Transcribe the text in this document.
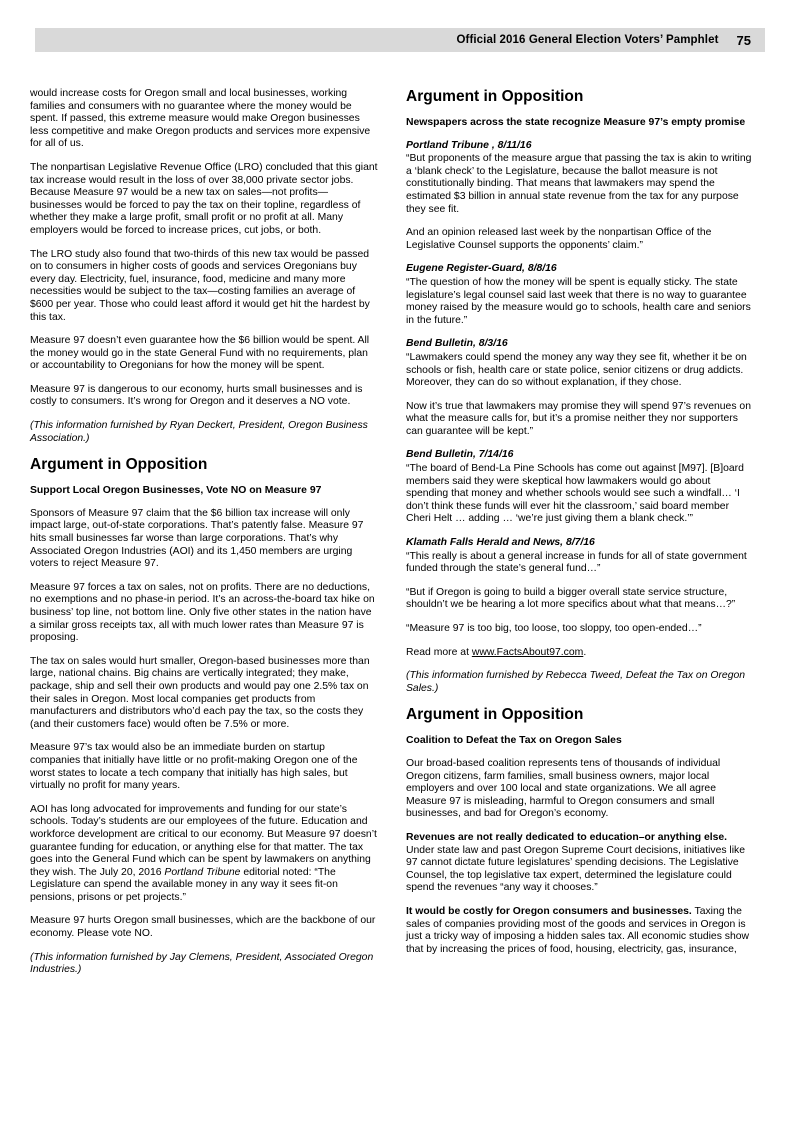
Official 2016 General Election Voters’ Pamphlet 75

would increase costs for Oregon small and local businesses, working families and consumers with no guarantee where the money would be spent. If passed, this extreme measure would make Oregon businesses less competitive and make Oregon products and services more expensive for all of us.

The nonpartisan Legislative Revenue Office (LRO) concluded that this giant tax increase would result in the loss of over 38,000 private sector jobs. Because Measure 97 would be a new tax on sales—not profits—businesses would be forced to pay the tax on their topline, regardless of whether they make a large profit, small profit or no profit at all. Many employers would be forced to increase prices, cut jobs, or both.

The LRO study also found that two-thirds of this new tax would be passed on to consumers in higher costs of goods and services Oregonians buy every day. Electricity, fuel, insurance, food, medicine and many more necessities would be subject to the tax—costing families an average of $600 per year. Those who could least afford it would get hit the hardest by this tax.

Measure 97 doesn’t even guarantee how the $6 billion would be spent. All the money would go in the state General Fund with no requirements, plan or accountability to Oregonians for how the money will be spent.

Measure 97 is dangerous to our economy, hurts small businesses and is costly to consumers. It’s wrong for Oregon and it deserves a NO vote.

(This information furnished by Ryan Deckert, President, Oregon Business Association.)

Argument in Opposition

Support Local Oregon Businesses, Vote NO on Measure 97

Sponsors of Measure 97 claim that the $6 billion tax increase will only impact large, out-of-state corporations. That’s patently false. Measure 97 hits small businesses far worse than large corporations. That’s why Associated Oregon Industries (AOI) and its 1,450 members are urging voters to reject Measure 97.

Measure 97 forces a tax on sales, not on profits. There are no deductions, no exemptions and no phase-in period. It’s an across-the-board tax hike on business’ top line, not bottom line. Only five other states in the nation have a similar gross receipts tax, all with much lower rates than Measure 97 is proposing.

The tax on sales would hurt smaller, Oregon-based businesses more than large, national chains. Big chains are vertically integrated; they make, package, ship and sell their own products and would pay one 2.5% tax on their sales in Oregon. Most local companies get products from manufacturers and distributors who’d each pay the tax, so the costs they (and their customers face) would often be 7.5% or more.

Measure 97’s tax would also be an immediate burden on startup companies that initially have little or no profit-making Oregon one of the worst states to locate a tech company that initially has high sales, but virtually no profit for many years.

AOI has long advocated for improvements and funding for our state’s schools. Today’s students are our employees of the future. Education and workforce development are critical to our economy. But Measure 97 doesn’t guarantee funding for education, or anything else for that matter. The tax goes into the General Fund which can be spent by lawmakers on anything they wish. The July 20, 2016 Portland Tribune editorial noted: “The Legislature can spend the available money in any way it sees fit-on pensions, prisons or pet projects.”

Measure 97 hurts Oregon small businesses, which are the backbone of our economy. Please vote NO.

(This information furnished by Jay Clemens, President, Associated Oregon Industries.)

Argument in Opposition

Newspapers across the state recognize Measure 97’s empty promise

Portland Tribune , 8/11/16

“But proponents of the measure argue that passing the tax is akin to writing a ‘blank check’ to the Legislature, because the ballot measure is not constitutionally binding. That means that lawmakers may spend the estimated $3 billion in annual state revenue from the tax for any purpose they see fit.

And an opinion released last week by the nonpartisan Office of the Legislative Counsel supports the opponents’ claim.”

Eugene Register-Guard, 8/8/16

“The question of how the money will be spent is equally sticky. The state legislature’s legal counsel said last week that there is no way to guarantee money raised by the measure would go to schools, health care and seniors in the future.”

Bend Bulletin, 8/3/16

“Lawmakers could spend the money any way they see fit, whether it be on schools or fish, health care or state police, senior citizens or drug addicts. Moreover, they can do so without explanation, if they chose.

Now it’s true that lawmakers may promise they will spend 97’s revenues on what the measure calls for, but it’s a promise neither they nor supporters can guarantee will be kept.”

Bend Bulletin, 7/14/16

“The board of Bend-La Pine Schools has come out against [M97]. [B]oard members said they were skeptical how lawmakers would go about spending that money and whether schools would see such a windfall… ‘I don’t think these funds will ever hit the classroom,’ said board member Cheri Helt … adding … ‘we’re just giving them a blank check.’”

Klamath Falls Herald and News, 8/7/16

“This really is about a general increase in funds for all of state government funded through the state’s general fund…”

“But if Oregon is going to build a bigger overall state service structure, shouldn’t we be hearing a lot more specifics about what that means…?”

“Measure 97 is too big, too loose, too sloppy, too open-ended…”

Read more at www.FactsAbout97.com.

(This information furnished by Rebecca Tweed, Defeat the Tax on Oregon Sales.)

Argument in Opposition

Coalition to Defeat the Tax on Oregon Sales

Our broad-based coalition represents tens of thousands of individual Oregon citizens, farm families, small business owners, major local employers and over 100 local and state organizations. We all agree Measure 97 is misleading, harmful to Oregon consumers and small businesses, and bad for Oregon’s economy.

Revenues are not really dedicated to education–or anything else. Under state law and past Oregon Supreme Court decisions, initiatives like 97 cannot dictate future legislatures’ spending decisions. The Legislative Counsel, the top legislative tax expert, determined the legislature could spend the revenues “any way it chooses.”

It would be costly for Oregon consumers and businesses. Taxing the sales of companies providing most of the goods and services in Oregon is just a tricky way of imposing a hidden sales tax. All economic studies show that by increasing the prices of food, housing, electricity, gas, insurance,
